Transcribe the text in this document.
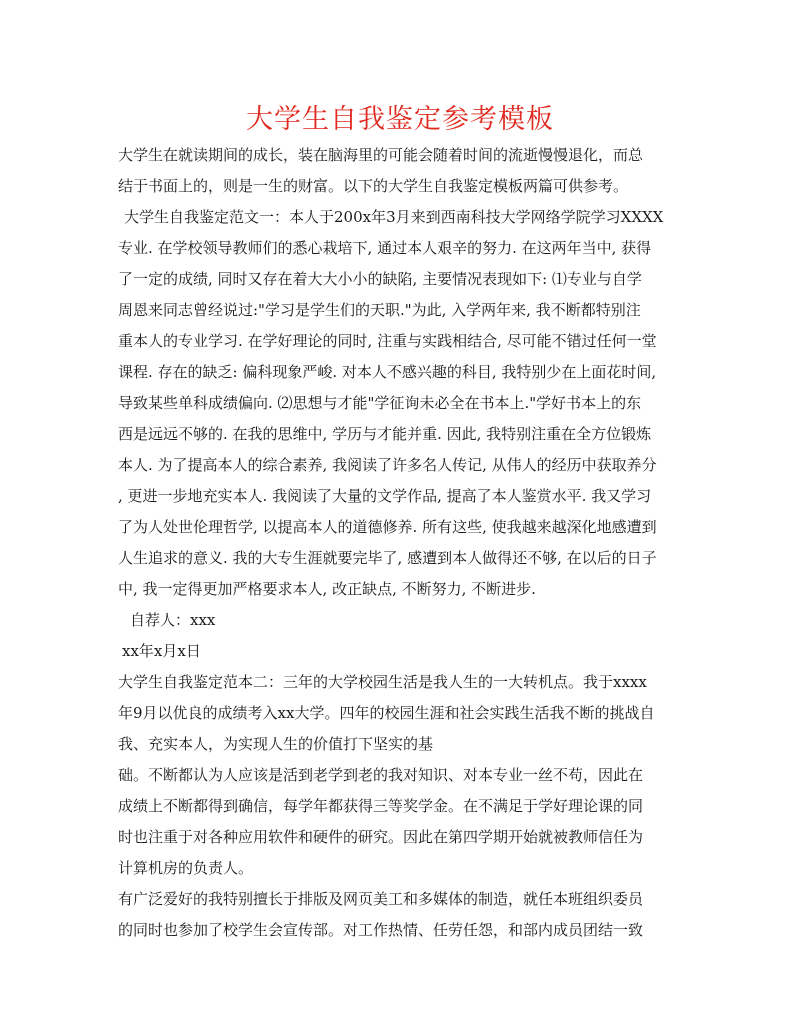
大学生自我鉴定参考模板

大学生在就读期间的成长，装在脑海里的可能会随着时间的流逝慢慢退化，而总
结于书面上的，则是一生的财富。以下的大学生自我鉴定模板两篇可供参考。

大学生自我鉴定范文一：本人于200x年3月来到西南科技大学网络学院学习XXXX

专业. 在学校领导教师们的悉心栽培下, 通过本人艰辛的努力. 在这两年当中, 获得
了一定的成绩, 同时又存在着大大小小的缺陷, 主要情况表现如下: ⑴专业与自学
周恩来同志曾经说过:"学习是学生们的天职."为此, 入学两年来, 我不断都特别注
重本人的专业学习. 在学好理论的同时, 注重与实践相结合, 尽可能不错过任何一堂
课程. 存在的缺乏: 偏科现象严峻. 对本人不感兴趣的科目, 我特别少在上面花时间,
导致某些单科成绩偏向. ⑵思想与才能"学征询未必全在书本上."学好书本上的东
西是远远不够的. 在我的思维中, 学历与才能并重. 因此, 我特别注重在全方位锻炼
本人. 为了提高本人的综合素养, 我阅读了许多名人传记, 从伟人的经历中获取养分
, 更进一步地充实本人. 我阅读了大量的文学作品, 提高了本人鉴赏水平. 我又学习
了为人处世伦理哲学, 以提高本人的道德修养. 所有这些, 使我越来越深化地感遭到
人生追求的意义. 我的大专生涯就要完毕了, 感遭到本人做得还不够, 在以后的日子
中, 我一定得更加严格要求本人, 改正缺点, 不断努力, 不断进步.

自荐人：xxx

xx年x月x日

大学生自我鉴定范本二：三年的大学校园生活是我人生的一大转机点。我于xxxx
年9月以优良的成绩考入xx大学。四年的校园生涯和社会实践生活我不断的挑战自
我、充实本人，为实现人生的价值打下坚实的基
础。不断都认为人应该是活到老学到老的我对知识、对本专业一丝不苟，因此在
成绩上不断都得到确信，每学年都获得三等奖学金。在不满足于学好理论课的同
时也注重于对各种应用软件和硬件的研究。因此在第四学期开始就被教师信任为
计算机房的负责人。

有广泛爱好的我特别擅长于排版及网页美工和多媒体的制造，就任本班组织委员
的同时也参加了校学生会宣传部。对工作热情、任劳任怨，和部内成员团结一致
